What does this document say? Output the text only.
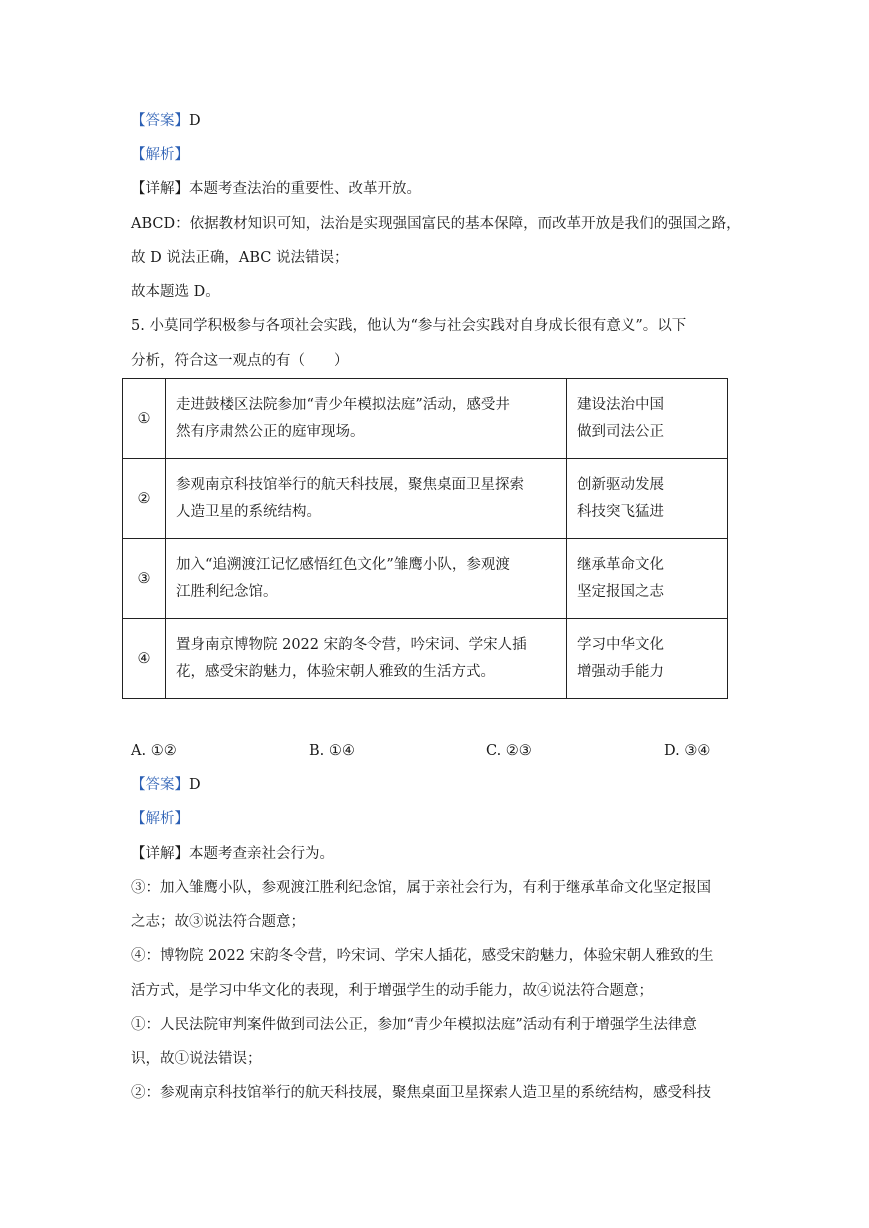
【答案】D
【解析】
【详解】本题考查法治的重要性、改革开放。
ABCD：依据教材知识可知，法治是实现强国富民的基本保障，而改革开放是我们的强国之路，
故 D 说法正确，ABC 说法错误；
故本题选 D。
5. 小莫同学积极参与各项社会实践，他认为“参与社会实践对自身成长很有意义”。以下
分析，符合这一观点的有（　　）
①	走进鼓楼区法院参加“青少年模拟法庭”活动，感受井
然有序肃然公正的庭审现场。	建设法治中国
做到司法公正

②	参观南京科技馆举行的航天科技展，聚焦桌面卫星探索
人造卫星的系统结构。	创新驱动发展
科技突飞猛进

③	加入“追溯渡江记忆感悟红色文化”雏鹰小队，参观渡
江胜利纪念馆。	继承革命文化
坚定报国之志

④	置身南京博物院 2022 宋韵冬令营，吟宋词、学宋人插
花，感受宋韵魅力，体验宋朝人雅致的生活方式。	学习中华文化
增强动手能力
A. ①②	B. ①④	C. ②③	D. ③④
【答案】D
【解析】
【详解】本题考查亲社会行为。
③：加入雏鹰小队，参观渡江胜利纪念馆，属于亲社会行为，有利于继承革命文化坚定报国
之志；故③说法符合题意；
④：博物院 2022 宋韵冬令营，吟宋词、学宋人插花，感受宋韵魅力，体验宋朝人雅致的生
活方式，是学习中华文化的表现，利于增强学生的动手能力，故④说法符合题意；
①：人民法院审判案件做到司法公正，参加“青少年模拟法庭”活动有利于增强学生法律意
识，故①说法错误；
②：参观南京科技馆举行的航天科技展，聚焦桌面卫星探索人造卫星的系统结构，感受科技
